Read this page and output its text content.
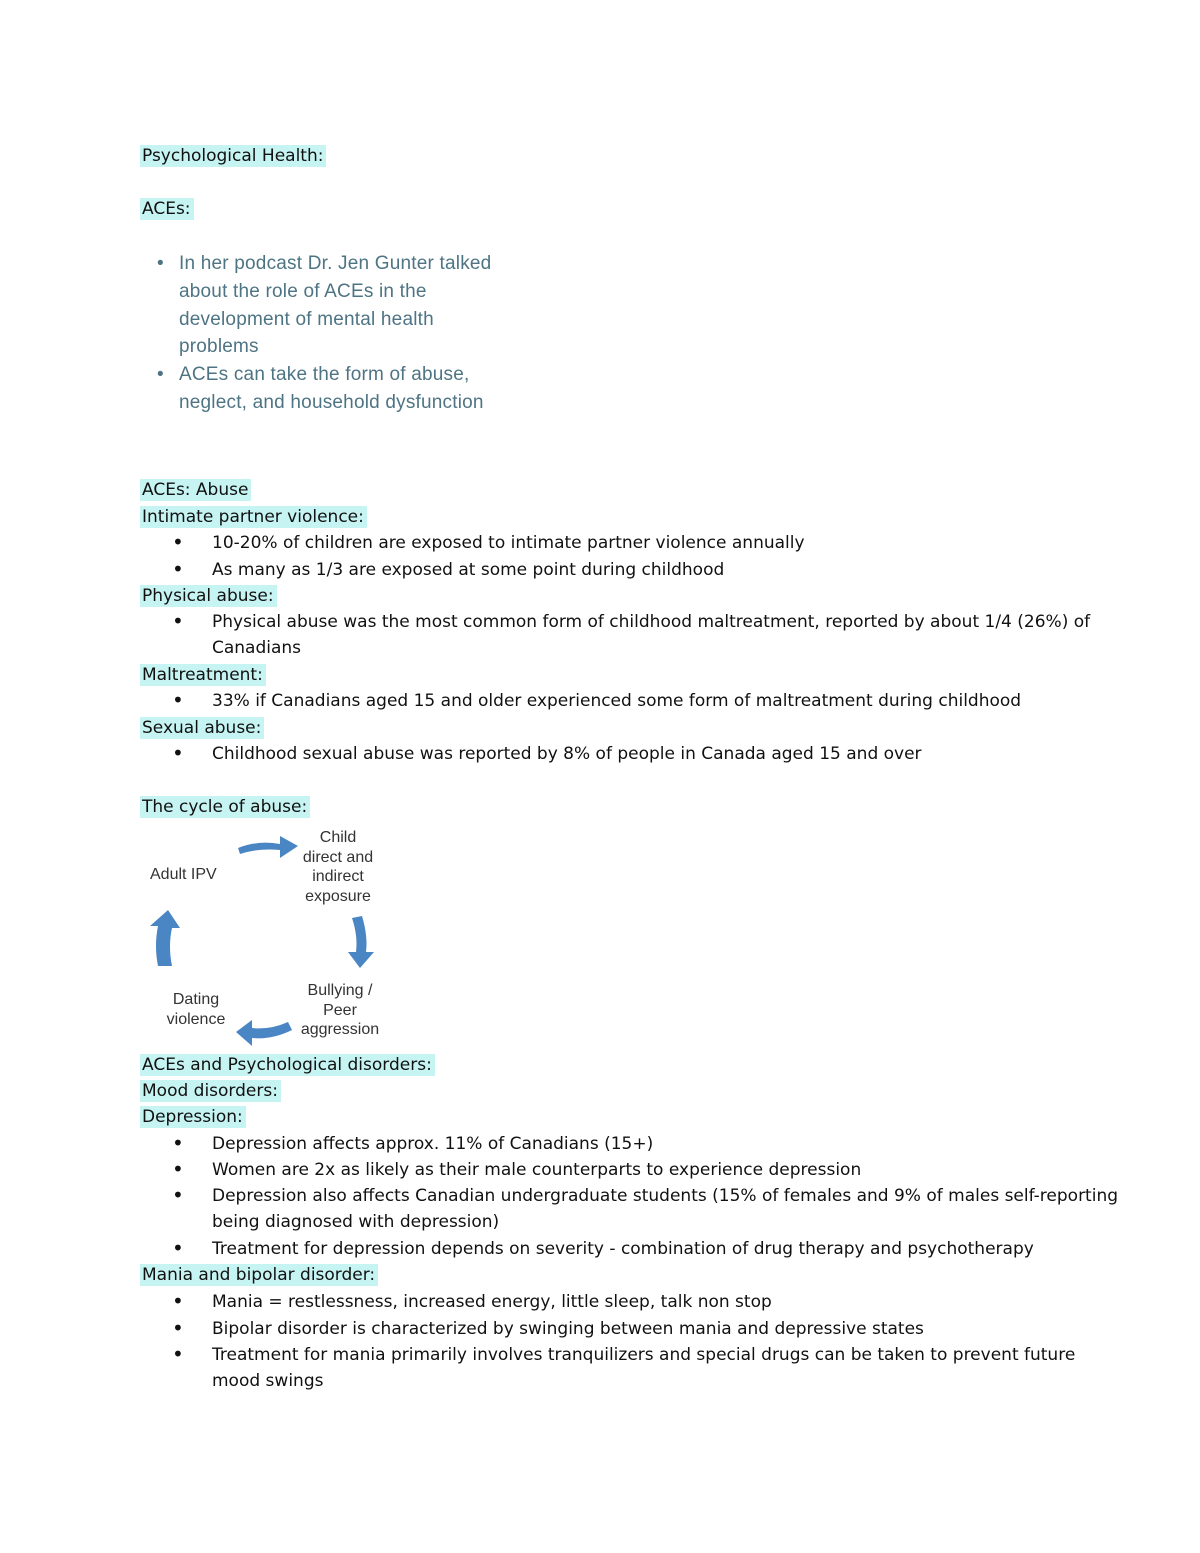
Psychological Health:
ACEs:
• In her podcast Dr. Jen Gunter talked about the role of ACEs in the development of mental health problems
• ACEs can take the form of abuse, neglect, and household dysfunction
ACEs: Abuse
Intimate partner violence:
• 10-20% of children are exposed to intimate partner violence annually
• As many as 1/3 are exposed at some point during childhood
Physical abuse:
• Physical abuse was the most common form of childhood maltreatment, reported by about 1/4 (26%) of Canadians
Maltreatment:
• 33% if Canadians aged 15 and older experienced some form of maltreatment during childhood
Sexual abuse:
• Childhood sexual abuse was reported by 8% of people in Canada aged 15 and over
The cycle of abuse:
Adult IPV
Child
direct and
indirect
exposure
Bullying /
Peer
aggression
Dating
violence
ACEs and Psychological disorders:
Mood disorders:
Depression:
• Depression affects approx. 11% of Canadians (15+)
• Women are 2x as likely as their male counterparts to experience depression
• Depression also affects Canadian undergraduate students (15% of females and 9% of males self-reporting being diagnosed with depression)
• Treatment for depression depends on severity - combination of drug therapy and psychotherapy
Mania and bipolar disorder:
• Mania = restlessness, increased energy, little sleep, talk non stop
• Bipolar disorder is characterized by swinging between mania and depressive states
• Treatment for mania primarily involves tranquilizers and special drugs can be taken to prevent future mood swings
